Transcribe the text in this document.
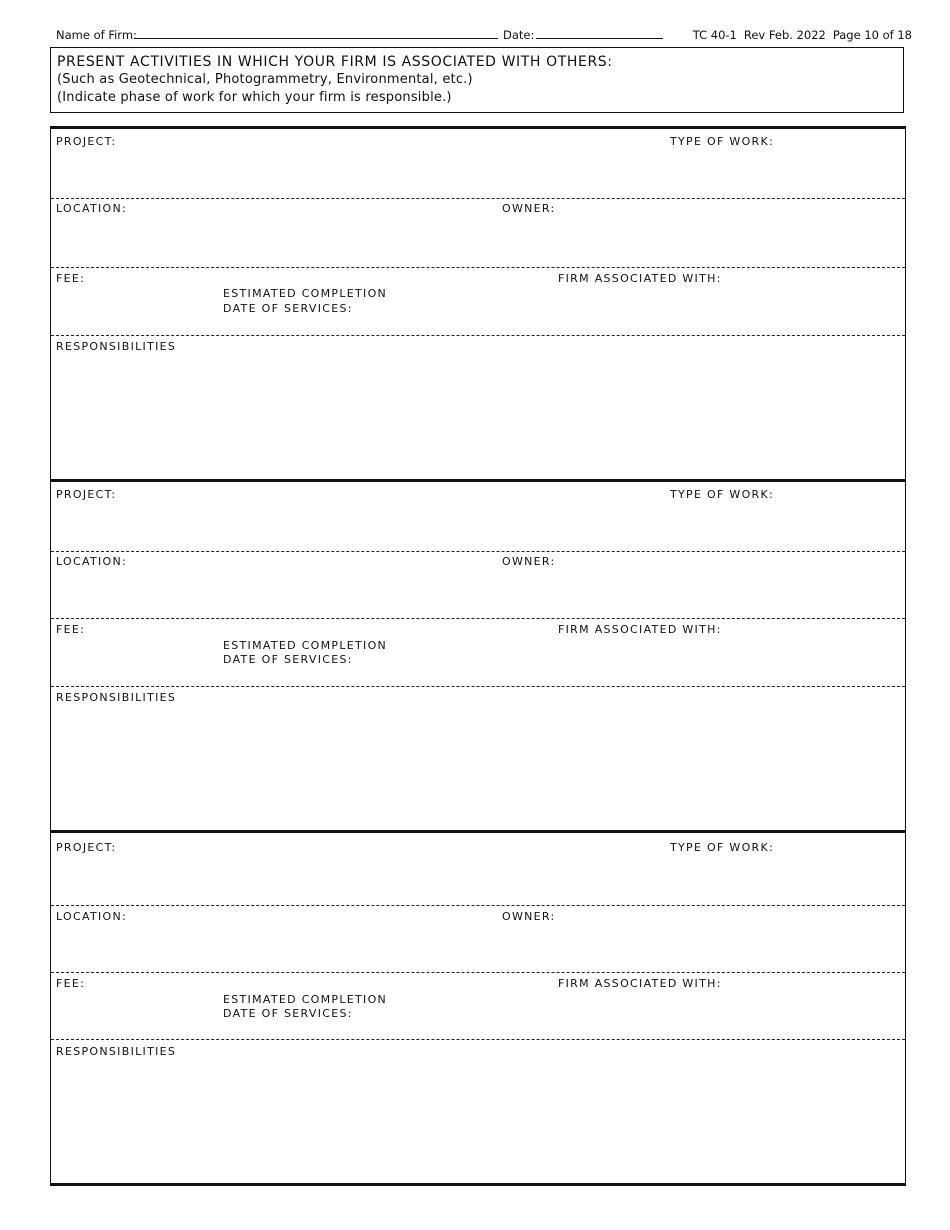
Name of Firm:	Date:	TC 40-1 Rev Feb. 2022 Page 10 of 18
PRESENT ACTIVITIES IN WHICH YOUR FIRM IS ASSOCIATED WITH OTHERS:
(Such as Geotechnical, Photogrammetry, Environmental, etc.)
(Indicate phase of work for which your firm is responsible.)
PROJECT:	TYPE OF WORK:
LOCATION:	OWNER:
FEE:	FIRM ASSOCIATED WITH:
ESTIMATED COMPLETION
DATE OF SERVICES:
RESPONSIBILITIES
PROJECT:	TYPE OF WORK:
LOCATION:	OWNER:
FEE:	FIRM ASSOCIATED WITH:
ESTIMATED COMPLETION
DATE OF SERVICES:
RESPONSIBILITIES
PROJECT:	TYPE OF WORK:
LOCATION:	OWNER:
FEE:	FIRM ASSOCIATED WITH:
ESTIMATED COMPLETION
DATE OF SERVICES:
RESPONSIBILITIES
